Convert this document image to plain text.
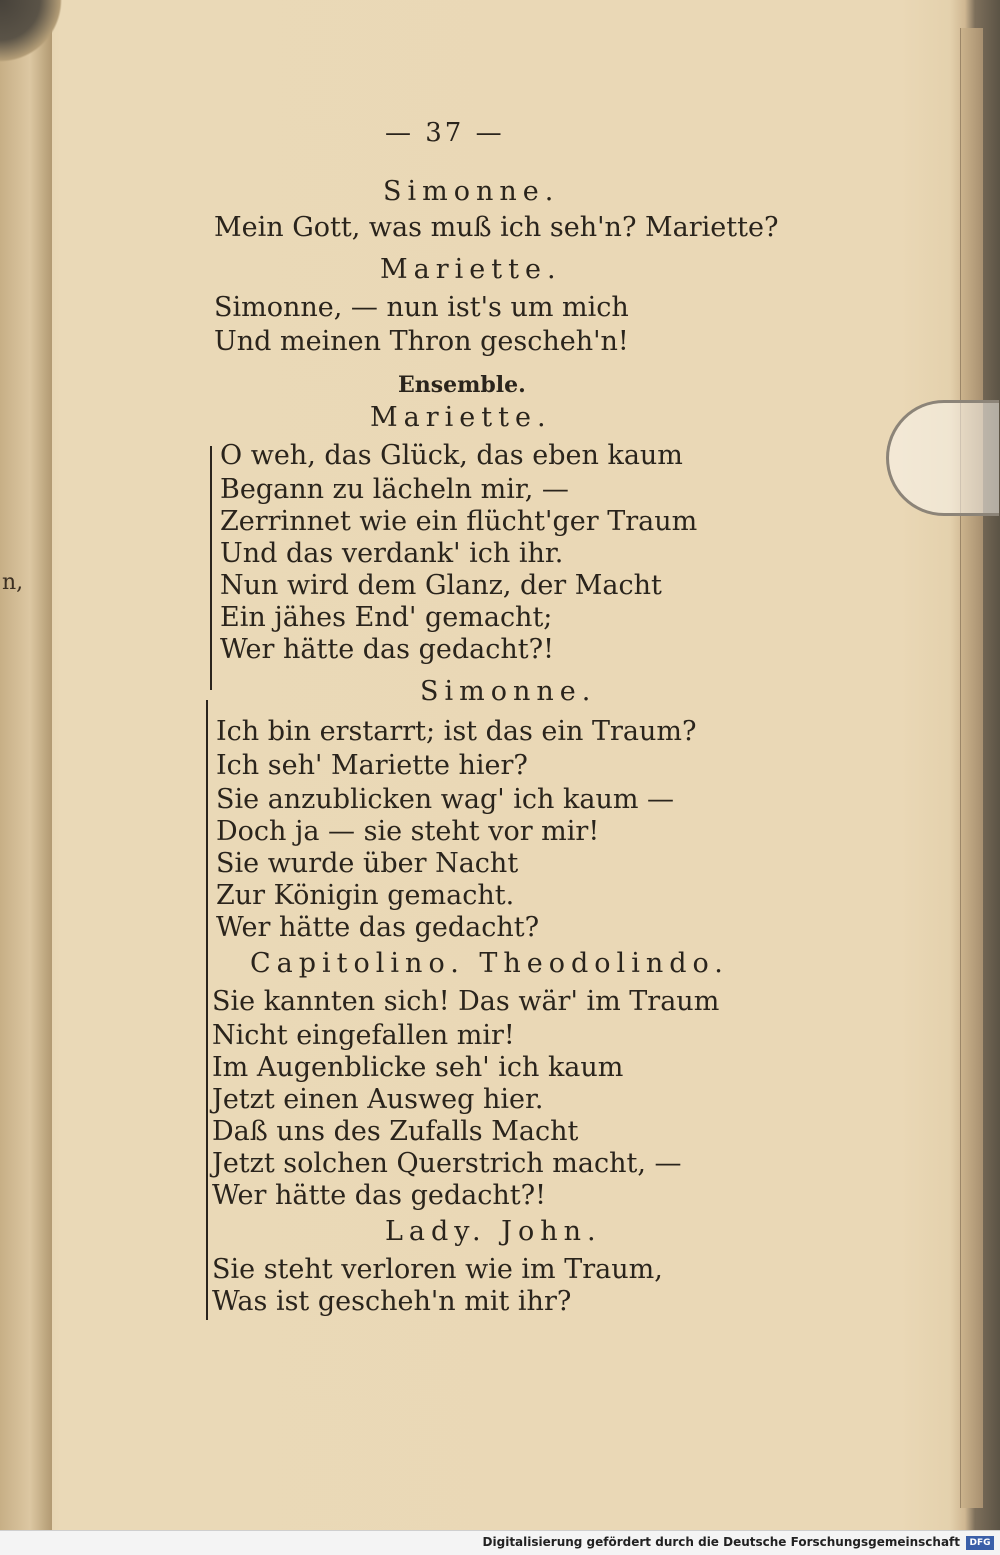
n,
— 37 —
Simonne.
Mein Gott, was muß ich seh'n? Mariette?
Mariette.
Simonne, — nun ist's um mich
Und meinen Thron gescheh'n!
Ensemble.
Mariette.
O weh, das Glück, das eben kaum
Begann zu lächeln mir, —
Zerrinnet wie ein flücht'ger Traum
Und das verdank' ich ihr.
Nun wird dem Glanz, der Macht
Ein jähes End' gemacht;
Wer hätte das gedacht?!
Simonne.
Ich bin erstarrt; ist das ein Traum?
Ich seh' Mariette hier?
Sie anzublicken wag' ich kaum —
Doch ja — sie steht vor mir!
Sie wurde über Nacht
Zur Königin gemacht.
Wer hätte das gedacht?
Capitolino. Theodolindo.
Sie kannten sich! Das wär' im Traum
Nicht eingefallen mir!
Im Augenblicke seh' ich kaum
Jetzt einen Ausweg hier.
Daß uns des Zufalls Macht
Jetzt solchen Querstrich macht, —
Wer hätte das gedacht?!
Lady. John.
Sie steht verloren wie im Traum,
Was ist gescheh'n mit ihr?
Digitalisierung gefördert durch die Deutsche Forschungsgemeinschaft	DFG
